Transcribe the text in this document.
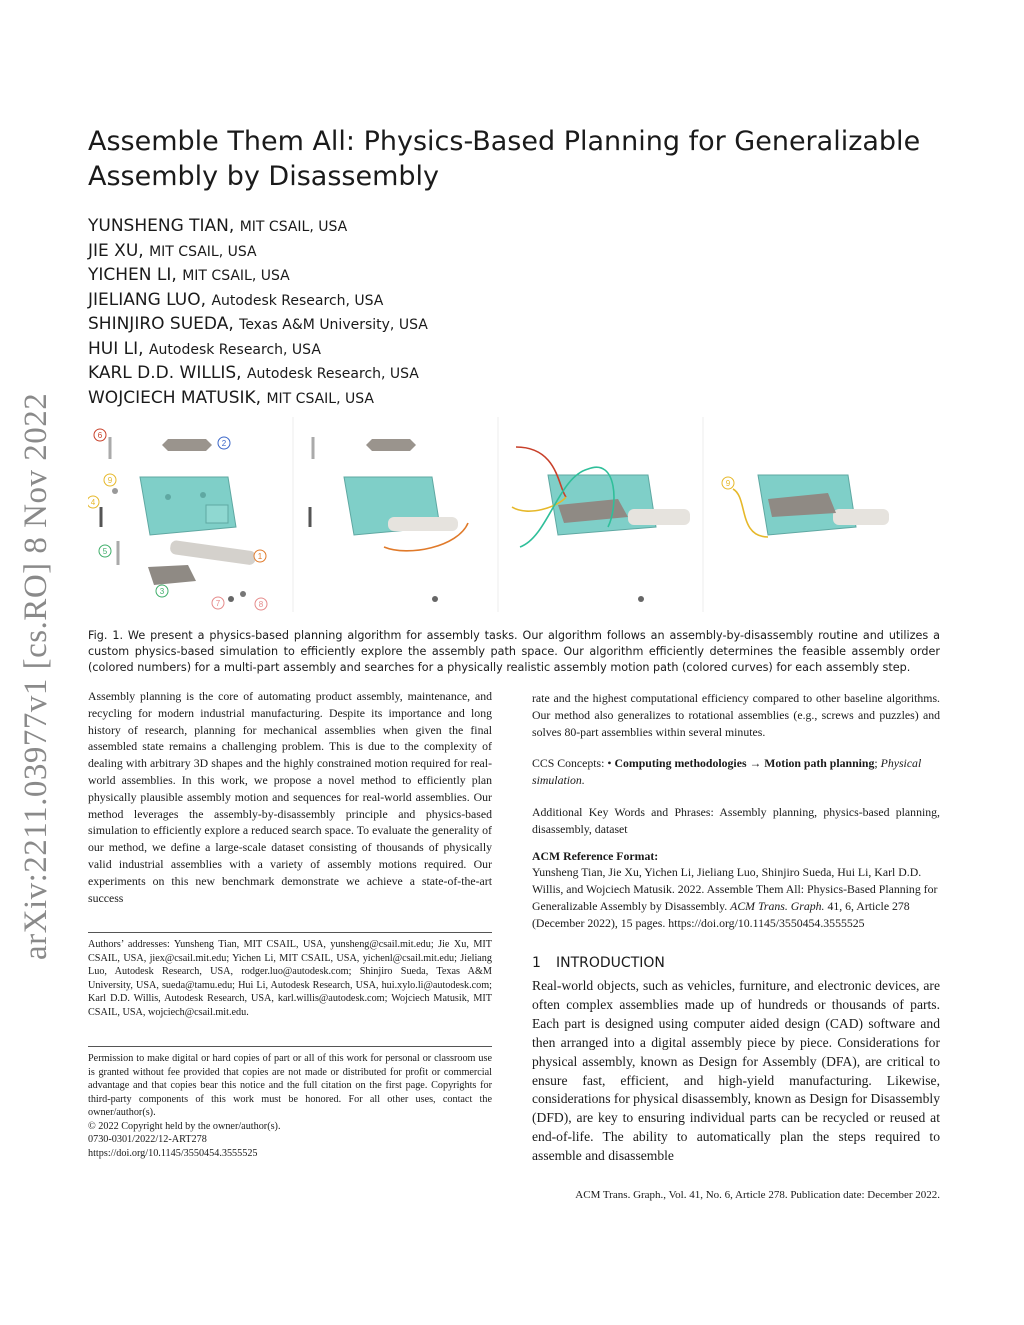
arXiv:2211.03977v1 [cs.RO] 8 Nov 2022
Assemble Them All: Physics-Based Planning for Generalizable Assembly by Disassembly
YUNSHENG TIAN, MIT CSAIL, USA
JIE XU, MIT CSAIL, USA
YICHEN LI, MIT CSAIL, USA
JIELIANG LUO, Autodesk Research, USA
SHINJIRO SUEDA, Texas A&M University, USA
HUI LI, Autodesk Research, USA
KARL D.D. WILLIS, Autodesk Research, USA
WOJCIECH MATUSIK, MIT CSAIL, USA
6
2
9
4
5
1
3
7	8
9

Fig. 1. We present a physics-based planning algorithm for assembly tasks. Our algorithm follows an assembly-by-disassembly routine and utilizes a custom physics-based simulation to efficiently explore the assembly path space. Our algorithm efficiently determines the feasible assembly order (colored numbers) for a multi-part assembly and searches for a physically realistic assembly motion path (colored curves) for each assembly step.

Assembly planning is the core of automating product assembly, maintenance, and recycling for modern industrial manufacturing. Despite its importance and long history of research, planning for mechanical assemblies when given the final assembled state remains a challenging problem. This is due to the complexity of dealing with arbitrary 3D shapes and the highly constrained motion required for real-world assemblies. In this work, we propose a novel method to efficiently plan physically plausible assembly motion and sequences for real-world assemblies. Our method leverages the assembly-by-disassembly principle and physics-based simulation to efficiently explore a reduced search space. To evaluate the generality of our method, we define a large-scale dataset consisting of thousands of physically valid industrial assemblies with a variety of assembly motions required. Our experiments on this new benchmark demonstrate we achieve a state-of-the-art success

rate and the highest computational efficiency compared to other baseline algorithms. Our method also generalizes to rotational assemblies (e.g., screws and puzzles) and solves 80-part assemblies within several minutes.

CCS Concepts: • Computing methodologies → Motion path planning; Physical simulation.

Additional Key Words and Phrases: Assembly planning, physics-based planning, disassembly, dataset

ACM Reference Format:

Yunsheng Tian, Jie Xu, Yichen Li, Jieliang Luo, Shinjiro Sueda, Hui Li, Karl D.D. Willis, and Wojciech Matusik. 2022. Assemble Them All: Physics-Based Planning for Generalizable Assembly by Disassembly. ACM Trans. Graph. 41, 6, Article 278 (December 2022), 15 pages. https://doi.org/10.1145/3550454.3555525

1 INTRODUCTION

Real-world objects, such as vehicles, furniture, and electronic devices, are often complex assemblies made up of hundreds or thousands of parts. Each part is designed using computer aided design (CAD) software and then arranged into a digital assembly piece by piece. Considerations for physical assembly, known as Design for Assembly (DFA), are critical to ensure fast, efficient, and high-yield manufacturing. Likewise, considerations for physical disassembly, known as Design for Disassembly (DFD), are key to ensuring individual parts can be recycled or reused at end-of-life. The ability to automatically plan the steps required to assemble and disassemble

Authors’ addresses: Yunsheng Tian, MIT CSAIL, USA, yunsheng@csail.mit.edu; Jie Xu, MIT CSAIL, USA, jiex@csail.mit.edu; Yichen Li, MIT CSAIL, USA, yichenl@csail.mit.edu; Jieliang Luo, Autodesk Research, USA, rodger.luo@autodesk.com; Shinjiro Sueda, Texas A&M University, USA, sueda@tamu.edu; Hui Li, Autodesk Research, USA, hui.xylo.li@autodesk.com; Karl D.D. Willis, Autodesk Research, USA, karl.willis@autodesk.com; Wojciech Matusik, MIT CSAIL, USA, wojciech@csail.mit.edu.

Permission to make digital or hard copies of part or all of this work for personal or classroom use is granted without fee provided that copies are not made or distributed for profit or commercial advantage and that copies bear this notice and the full citation on the first page. Copyrights for third-party components of this work must be honored. For all other uses, contact the owner/author(s).

© 2022 Copyright held by the owner/author(s).

0730-0301/2022/12-ART278

https://doi.org/10.1145/3550454.3555525

ACM Trans. Graph., Vol. 41, No. 6, Article 278. Publication date: December 2022.
